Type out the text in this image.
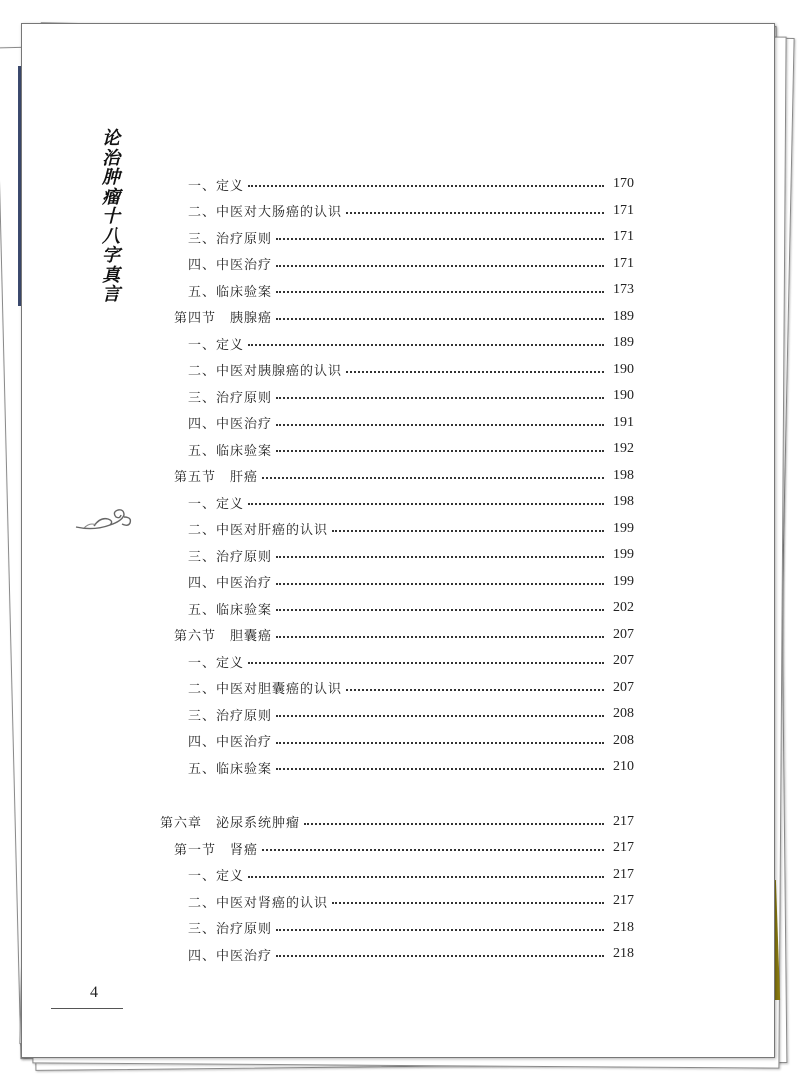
论
治
肿
瘤
十
八
字
真
言
一、定义	170
二、中医对大肠癌的认识	171
三、治疗原则	171
四、中医治疗	171
五、临床验案	173
第四节　胰腺癌	189
一、定义	189
二、中医对胰腺癌的认识	190
三、治疗原则	190
四、中医治疗	191
五、临床验案	192
第五节　肝癌	198
一、定义	198
二、中医对肝癌的认识	199
三、治疗原则	199
四、中医治疗	199
五、临床验案	202
第六节　胆囊癌	207
一、定义	207
二、中医对胆囊癌的认识	207
三、治疗原则	208
四、中医治疗	208
五、临床验案	210
第六章　泌尿系统肿瘤	217
第一节　肾癌	217
一、定义	217
二、中医对肾癌的认识	217
三、治疗原则	218
四、中医治疗	218
4
